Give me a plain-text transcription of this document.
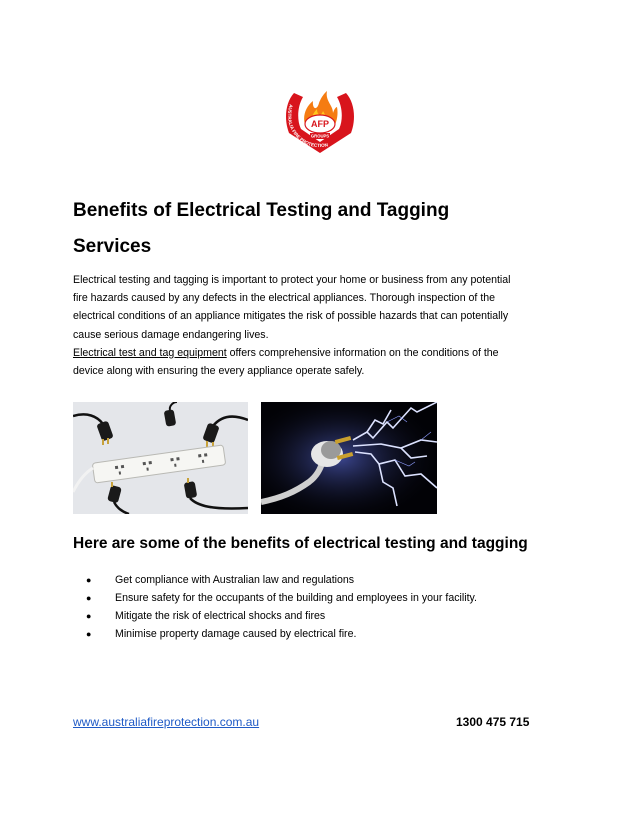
AFP
GROUPS
AUSTRALIA FIRE PROTECTION
Benefits of Electrical Testing and Tagging
Services
Electrical testing and tagging is important to protect your home or business from any potential
fire hazards caused by any defects in the electrical appliances. Thorough inspection of the
electrical conditions of an appliance mitigates the risk of possible hazards that can potentially
cause serious damage endangering lives.
Electrical test and tag equipment offers comprehensive information on the conditions of the
device along with ensuring the every appliance operate safely.
Here are some of the benefits of electrical testing and tagging
● Get compliance with Australian law and regulations
● Ensure safety for the occupants of the building and employees in your facility.
● Mitigate the risk of electrical shocks and fires
● Minimise property damage caused by electrical fire.
www.australiafireprotection.com.au	1300 475 715
